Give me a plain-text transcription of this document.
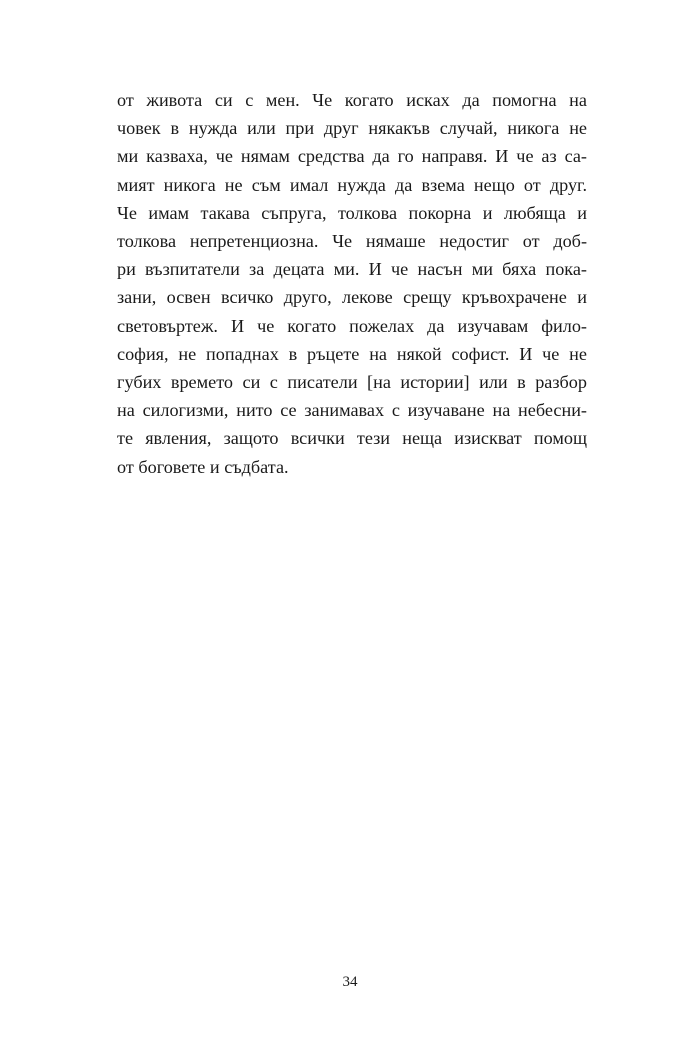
от живота си с мен. Че когато исках да помогна на
човек в нужда или при друг някакъв случай, никога не
ми казваха, че нямам средства да го направя. И че аз са-
мият никога не съм имал нужда да взема нещо от друг.
Че имам такава съпруга, толкова покорна и любяща и
толкова непретенциозна. Че нямаше недостиг от доб-
ри възпитатели за децата ми. И че насън ми бяха пока-
зани, освен всичко друго, лекове срещу кръвохрачене и
световъртеж. И че когато пожелах да изучавам фило-
софия, не попаднах в ръцете на някой софист. И че не
губих времето си с писатели [на истории] или в разбор
на силогизми, нито се занимавах с изучаване на небесни-
те явления, защото всички тези неща изискват помощ
от боговете и съдбата.
34
